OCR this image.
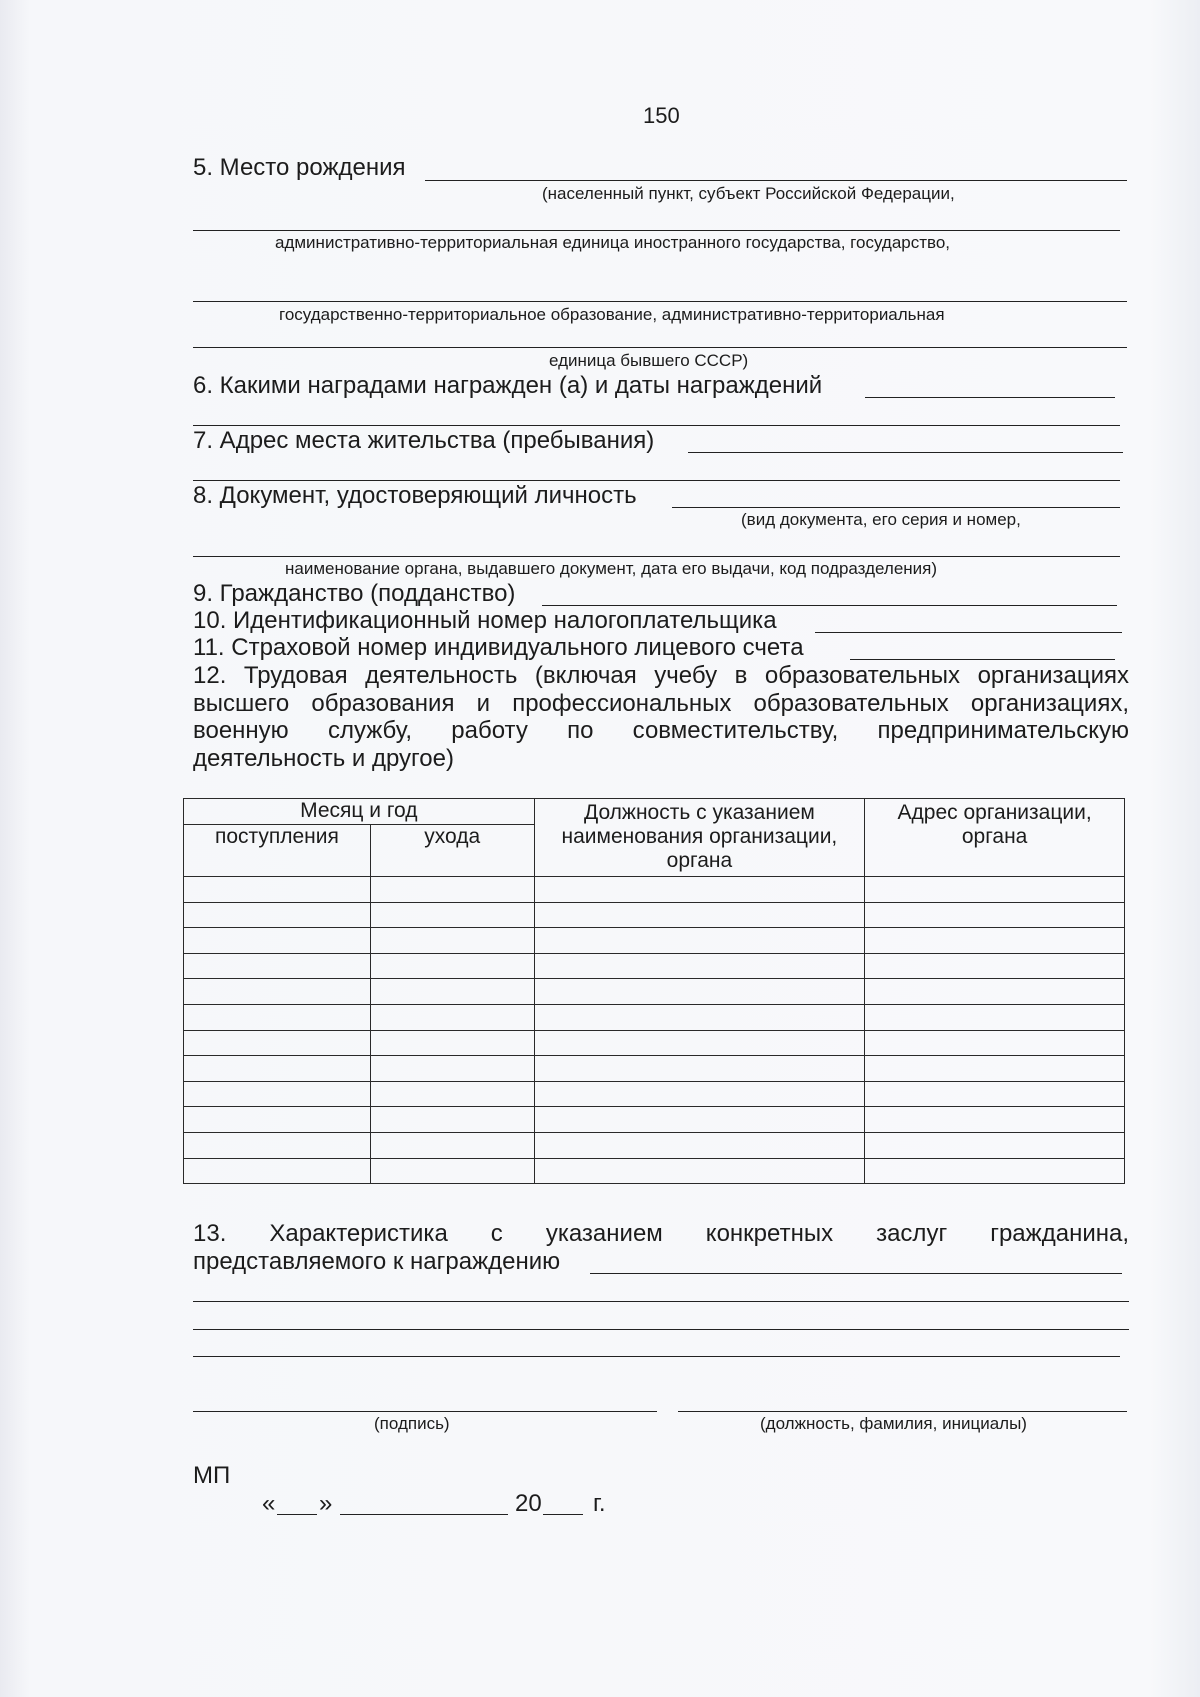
150
5. Место рождения
(населенный пункт, субъект Российской Федерации,
административно-территориальная единица иностранного государства, государство,
государственно-территориальное образование, административно-территориальная
единица бывшего СССР)
6. Какими наградами награжден (а) и даты награждений
7. Адрес места жительства (пребывания)
8. Документ, удостоверяющий личность
(вид документа, его серия и номер,
наименование органа, выдавшего документ, дата его выдачи, код подразделения)
9. Гражданство (подданство)
10. Идентификационный номер налогоплательщика
11. Страховой номер индивидуального лицевого счета
12. Трудовая деятельность (включая учебу в образовательных организациях
высшего образования и профессиональных образовательных организациях,
военную службу, работу по совместительству, предпринимательскую
деятельность и другое)
Месяц и год		Должность с указанием наименования организации, органа	Адрес организации, органа
поступления	ухода		

13. Характеристика с указанием конкретных заслуг гражданина,
представляемого к награждению
(подпись)	(должность, фамилия, инициалы)
МП
« »	20 г.
